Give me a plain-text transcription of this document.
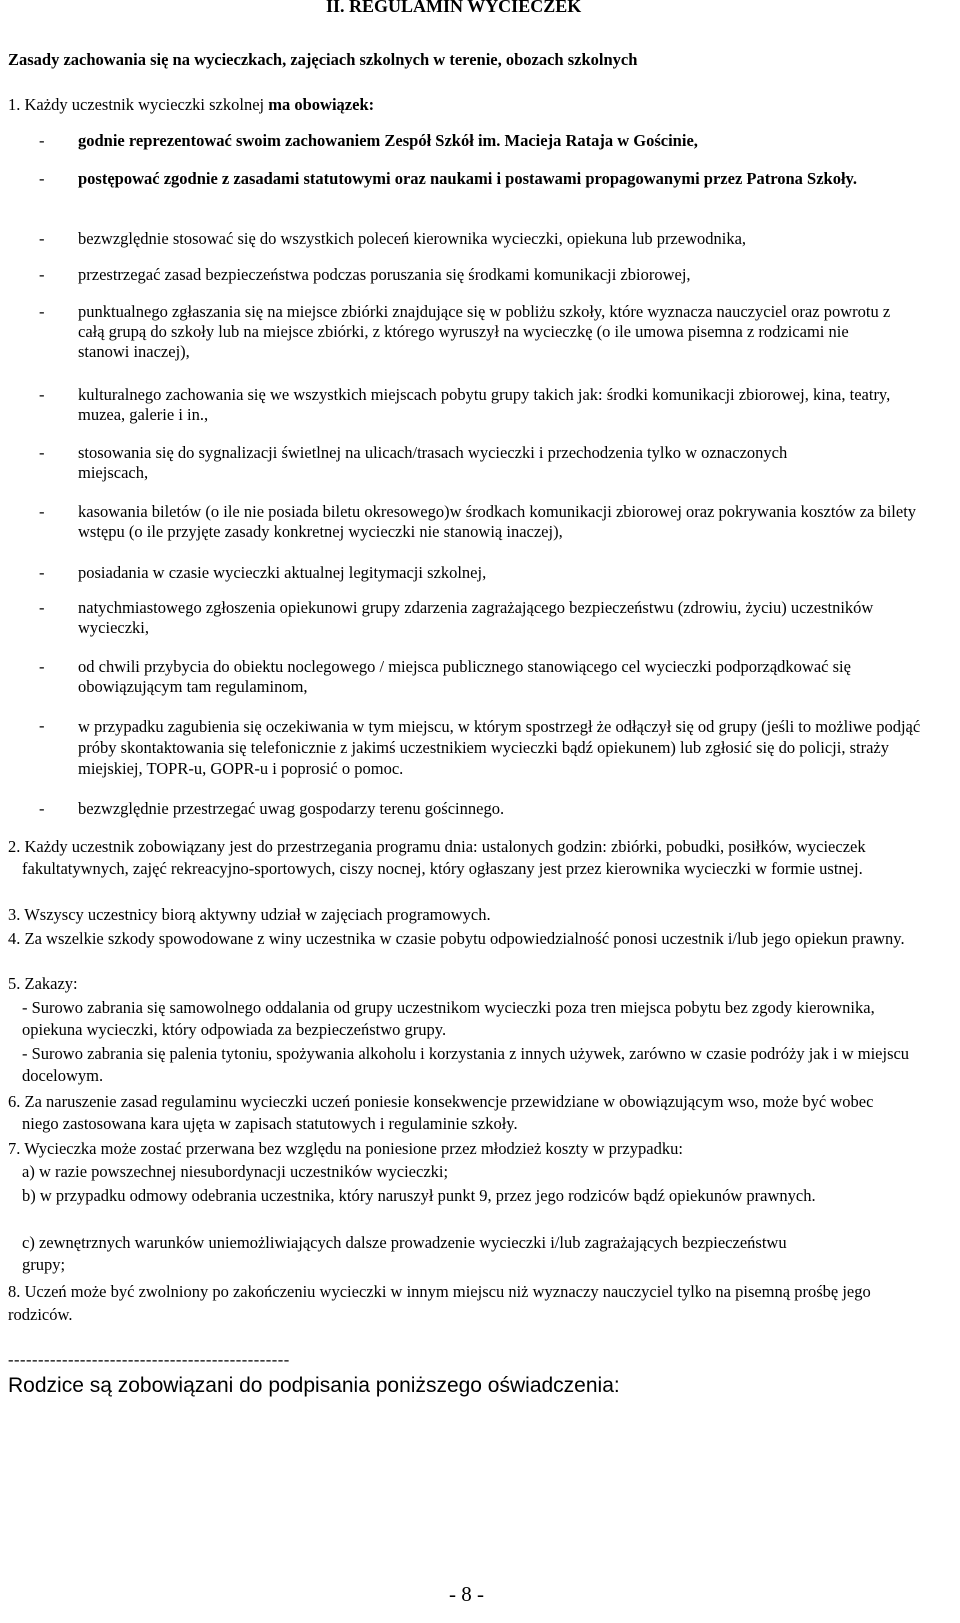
II. REGULAMIN WYCIECZEK
Zasady zachowania się na wycieczkach, zajęciach szkolnych w terenie, obozach szkolnych
1. Każdy uczestnik wycieczki szkolnej ma obowiązek:
- godnie reprezentować swoim zachowaniem Zespół Szkół im. Macieja Rataja w Gościnie,
- postępować zgodnie z zasadami statutowymi oraz naukami i postawami propagowanymi przez Patrona Szkoły.
- bezwzględnie stosować się do wszystkich poleceń kierownika wycieczki, opiekuna lub przewodnika,
- przestrzegać zasad bezpieczeństwa podczas poruszania się środkami komunikacji zbiorowej,
- punktualnego zgłaszania się na miejsce zbiórki znajdujące się w pobliżu szkoły, które wyznacza nauczyciel oraz powrotu z całą grupą do szkoły lub na miejsce zbiórki, z którego wyruszył na wycieczkę (o ile umowa pisemna z rodzicami nie stanowi inaczej),
- kulturalnego zachowania się we wszystkich miejscach pobytu grupy takich jak: środki komunikacji zbiorowej, kina, teatry, muzea, galerie i in.,
- stosowania się do sygnalizacji świetlnej na ulicach/trasach wycieczki i przechodzenia tylko w oznaczonych miejscach,
- kasowania biletów (o ile nie posiada biletu okresowego)w środkach komunikacji zbiorowej oraz pokrywania kosztów za bilety wstępu (o ile przyjęte zasady konkretnej wycieczki nie stanowią inaczej),
- posiadania w czasie wycieczki aktualnej legitymacji szkolnej,
- natychmiastowego zgłoszenia opiekunowi grupy zdarzenia zagrażającego bezpieczeństwu (zdrowiu, życiu) uczestników wycieczki,
- od chwili przybycia do obiektu noclegowego / miejsca publicznego stanowiącego cel wycieczki podporządkować się obowiązującym tam regulaminom,
- w przypadku zagubienia się oczekiwania w tym miejscu, w którym spostrzegł że odłączył się od grupy (jeśli to możliwe podjąć próby skontaktowania się telefonicznie z jakimś uczestnikiem wycieczki bądź opiekunem) lub zgłosić się do policji, straży miejskiej, TOPR-u, GOPR-u i poprosić o pomoc.
- bezwzględnie przestrzegać uwag gospodarzy terenu gościnnego.
2. Każdy uczestnik zobowiązany jest do przestrzegania programu dnia: ustalonych godzin: zbiórki, pobudki, posiłków, wycieczek fakultatywnych, zajęć rekreacyjno-sportowych, ciszy nocnej, który ogłaszany jest przez kierownika wycieczki w formie ustnej.
3. Wszyscy uczestnicy biorą aktywny udział w zajęciach programowych.
4. Za wszelkie szkody spowodowane z winy uczestnika w czasie pobytu odpowiedzialność ponosi uczestnik i/lub jego opiekun prawny.
5. Zakazy:
- Surowo zabrania się samowolnego oddalania od grupy uczestnikom wycieczki poza tren miejsca pobytu bez zgody kierownika, opiekuna wycieczki, który odpowiada za bezpieczeństwo grupy.
- Surowo zabrania się palenia tytoniu, spożywania alkoholu i korzystania z innych używek, zarówno w czasie podróży jak i w miejscu docelowym.
6. Za naruszenie zasad regulaminu wycieczki uczeń poniesie konsekwencje przewidziane w obowiązującym wso, może być wobec niego zastosowana kara ujęta w zapisach statutowych i regulaminie szkoły.
7. Wycieczka może zostać przerwana bez względu na poniesione przez młodzież koszty w przypadku:
a) w razie powszechnej niesubordynacji uczestników wycieczki;
b) w przypadku odmowy odebrania uczestnika, który naruszył punkt 9, przez jego rodziców bądź opiekunów prawnych.
c) zewnętrznych warunków uniemożliwiających dalsze prowadzenie wycieczki i/lub zagrażających bezpieczeństwu grupy;
8. Uczeń może być zwolniony po zakończeniu wycieczki w innym miejscu niż wyznaczy nauczyciel tylko na pisemną prośbę jego rodziców.
-----------------------------------------------
Rodzice są zobowiązani do podpisania poniższego oświadczenia:
- 8 -
